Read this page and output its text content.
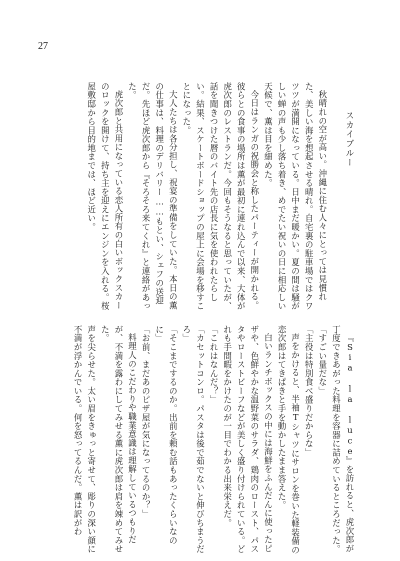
27

スカイブルー

秋晴れの空が高い。沖縄に住む人々にとっては見慣れた、美しい海を想起させる晴れ。自宅裏の駐車場ではクワツツが満開になっている。日中まだ暖かい。夏の間は騒がしい蝉の声も少し落ち着き、めでたい祝いの日に相応しい天候で、薫は目を細めた。

今日はランガの祝勝会と称したパーティーが開かれる。彼らとの食事の場所は薫が最初に連れ込んで以来、大体が虎次郎のレストランだ。今回もそうなると思っていたが、話を聞きつけた暦のバイト先の店長に気を使われたらしい。結果、スケートボードショップの屋上に会場を移すことになった。

大人たちは各分担し、祝宴の準備をしていた。本日の薫の仕事は、料理のデリバリー……もとい、シェフの送迎だ。先ほど虎次郎から『そろそろ来てくれ』と連絡があった。

虎次郎と共用になっている恋人所有の白いボックスカーのロックを開けて、持ち主を迎えにエンジンを入れる。桜屋敷邸から目的地までは、ほど近い。

『Sia la luce』を訪れると、虎次郎が丁度できあがった料理を容器に詰めているところだった。

「すごい量だな」

「主役は特別食べ盛りだからな」

声をかけると、半袖Tシャツにサロンを巻いた軽装備の恋次郎はてきぱきと手を動かしたまま答えた。

白いランチボックスの中には海鮮をふんだんに使ったピザや、色鮮やかな温野菜のサラダ、鶏肉のロースト、パスタやローストビーフなどが美しく盛り付けられている。どれも手間暇をかけたのが一目でわかる出来栄えだ。

「これはなんだ？」

「カセットコンロ。パスタは後で茹でないと伸びちまうだろ」

「そこまでするのか。出前を頼む話もあったくらいなのに」

「お前、まだあのピザ屋が気になってるのか？」

料理人のこだわりや職業意識は理解しているつもりだが、不満を露わにしてみせる薫に虎次郎は肩を竦めてみせた。

声を尖らせた。太い眉をきゅっと寄せて、彫りの深い顔に不満が浮かんでいる。何を怒ってるんだ。薫は訳がわ
